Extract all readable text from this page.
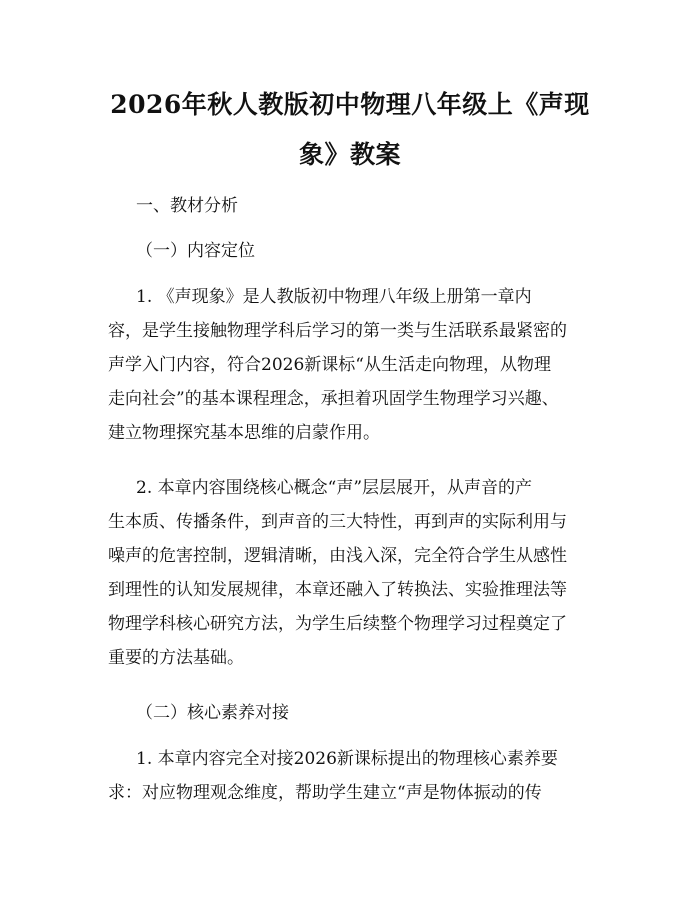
2026年秋人教版初中物理八年级上《声现
象》教案
一、教材分析
（一）内容定位
1. 《声现象》是人教版初中物理八年级上册第一章内
容，是学生接触物理学科后学习的第一类与生活联系最紧密的
声学入门内容，符合2026新课标“从生活走向物理，从物理
走向社会”的基本课程理念，承担着巩固学生物理学习兴趣、
建立物理探究基本思维的启蒙作用。
2. 本章内容围绕核心概念“声”层层展开，从声音的产
生本质、传播条件，到声音的三大特性，再到声的实际利用与
噪声的危害控制，逻辑清晰，由浅入深，完全符合学生从感性
到理性的认知发展规律，本章还融入了转换法、实验推理法等
物理学科核心研究方法，为学生后续整个物理学习过程奠定了
重要的方法基础。
（二）核心素养对接
1. 本章内容完全对接2026新课标提出的物理核心素养要
求：对应物理观念维度，帮助学生建立“声是物体振动的传
